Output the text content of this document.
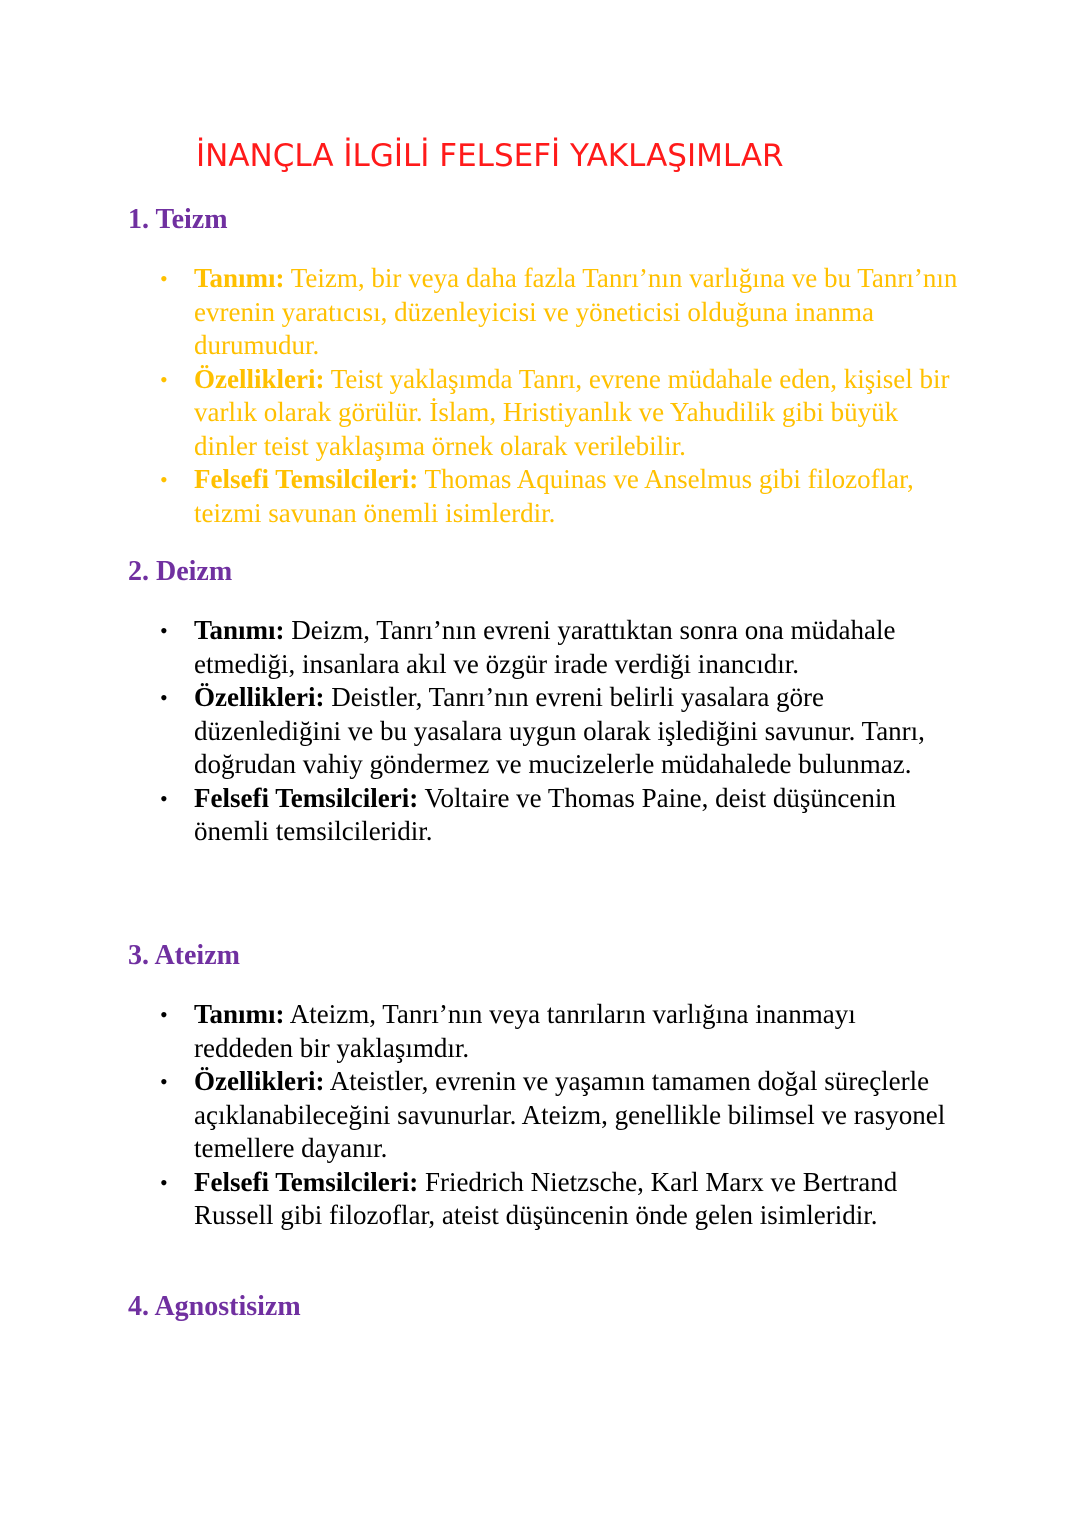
İNANÇLA İLGİLİ FELSEFİ YAKLAŞIMLAR
1. Teizm
• Tanımı: Teizm, bir veya daha fazla Tanrı’nın varlığına ve bu Tanrı’nın evrenin yaratıcısı, düzenleyicisi ve yöneticisi olduğuna inanma durumudur.
• Özellikleri: Teist yaklaşımda Tanrı, evrene müdahale eden, kişisel bir varlık olarak görülür. İslam, Hristiyanlık ve Yahudilik gibi büyük dinler teist yaklaşıma örnek olarak verilebilir.
• Felsefi Temsilcileri: Thomas Aquinas ve Anselmus gibi filozoflar, teizmi savunan önemli isimlerdir.
2. Deizm
• Tanımı: Deizm, Tanrı’nın evreni yarattıktan sonra ona müdahale etmediği, insanlara akıl ve özgür irade verdiği inancıdır.
• Özellikleri: Deistler, Tanrı’nın evreni belirli yasalara göre düzenlediğini ve bu yasalara uygun olarak işlediğini savunur. Tanrı, doğrudan vahiy göndermez ve mucizelerle müdahalede bulunmaz.
• Felsefi Temsilcileri: Voltaire ve Thomas Paine, deist düşüncenin önemli temsilcileridir.
3. Ateizm
• Tanımı: Ateizm, Tanrı’nın veya tanrıların varlığına inanmayı reddeden bir yaklaşımdır.
• Özellikleri: Ateistler, evrenin ve yaşamın tamamen doğal süreçlerle açıklanabileceğini savunurlar. Ateizm, genellikle bilimsel ve rasyonel temellere dayanır.
• Felsefi Temsilcileri: Friedrich Nietzsche, Karl Marx ve Bertrand Russell gibi filozoflar, ateist düşüncenin önde gelen isimleridir.
4. Agnostisizm
